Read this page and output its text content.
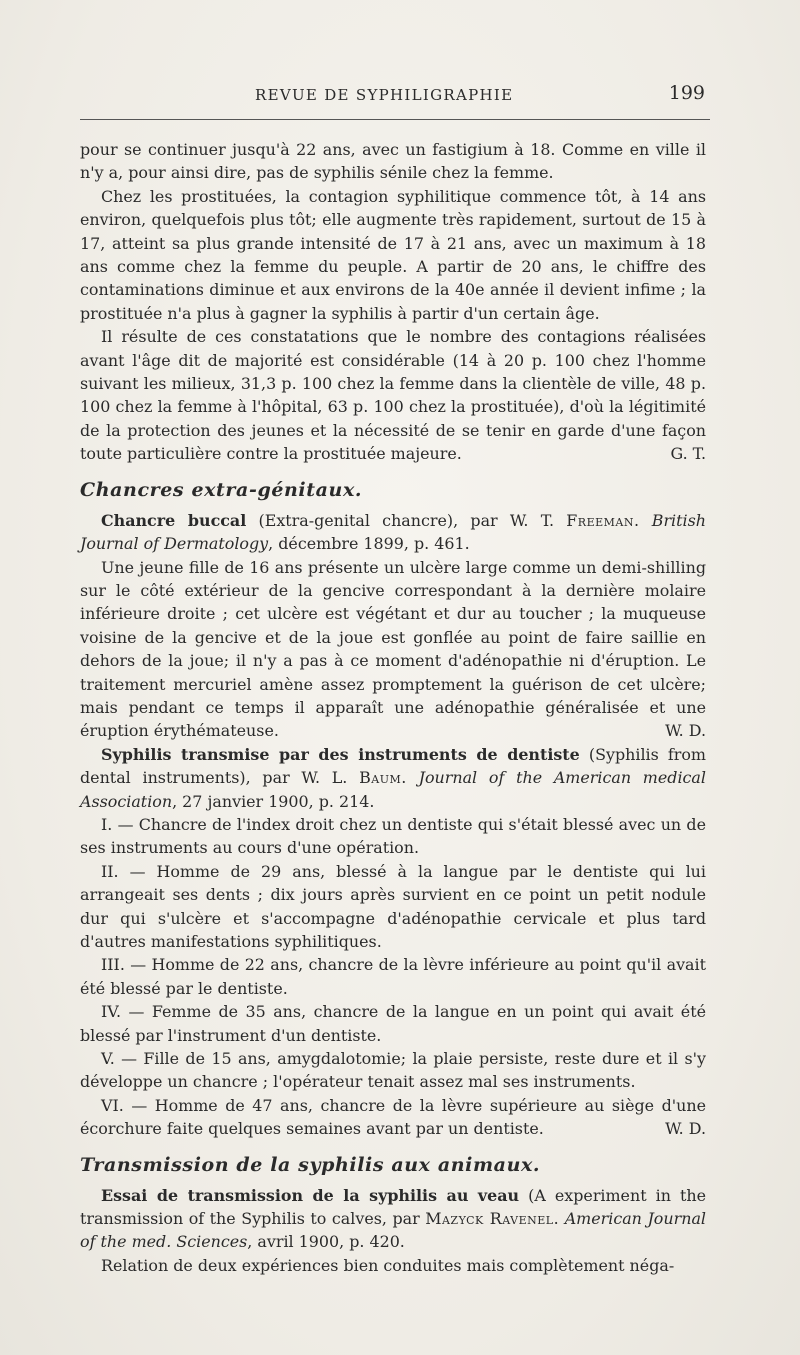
REVUE DE SYPHILIGRAPHIE	199

pour se continuer jusqu'à 22 ans, avec un fastigium à 18. Comme en ville il n'y a, pour ainsi dire, pas de syphilis sénile chez la femme.

Chez les prostituées, la contagion syphilitique commence tôt, à 14 ans environ, quelquefois plus tôt; elle augmente très rapidement, surtout de 15 à 17, atteint sa plus grande intensité de 17 à 21 ans, avec un maximum à 18 ans comme chez la femme du peuple. A partir de 20 ans, le chiffre des contaminations diminue et aux environs de la 40e année il devient infime ; la prostituée n'a plus à gagner la syphilis à partir d'un certain âge.

Il résulte de ces constatations que le nombre des contagions réalisées avant l'âge dit de majorité est considérable (14 à 20 p. 100 chez l'homme suivant les milieux, 31,3 p. 100 chez la femme dans la clientèle de ville, 48 p. 100 chez la femme à l'hôpital, 63 p. 100 chez la prostituée), d'où la légitimité de la protection des jeunes et la nécessité de se tenir en garde d'une façon toute particulière contre la prostituée majeure.	G. T.

Chancres extra-génitaux.

Chancre buccal (Extra-genital chancre), par W. T. Freeman. British Journal of Dermatology, décembre 1899, p. 461.

Une jeune fille de 16 ans présente un ulcère large comme un demi-shilling sur le côté extérieur de la gencive correspondant à la dernière molaire inférieure droite ; cet ulcère est végétant et dur au toucher ; la muqueuse voisine de la gencive et de la joue est gonflée au point de faire saillie en dehors de la joue; il n'y a pas à ce moment d'adénopathie ni d'éruption. Le traitement mercuriel amène assez promptement la guérison de cet ulcère; mais pendant ce temps il apparaît une adénopathie généralisée et une éruption érythémateuse.	W. D.

Syphilis transmise par des instruments de dentiste (Syphilis from dental instruments), par W. L. Baum. Journal of the American medical Association, 27 janvier 1900, p. 214.

I. — Chancre de l'index droit chez un dentiste qui s'était blessé avec un de ses instruments au cours d'une opération.

II. — Homme de 29 ans, blessé à la langue par le dentiste qui lui arrangeait ses dents ; dix jours après survient en ce point un petit nodule dur qui s'ulcère et s'accompagne d'adénopathie cervicale et plus tard d'autres manifestations syphilitiques.

III. — Homme de 22 ans, chancre de la lèvre inférieure au point qu'il avait été blessé par le dentiste.

IV. — Femme de 35 ans, chancre de la langue en un point qui avait été blessé par l'instrument d'un dentiste.

V. — Fille de 15 ans, amygdalotomie; la plaie persiste, reste dure et il s'y développe un chancre ; l'opérateur tenait assez mal ses instruments.

VI. — Homme de 47 ans, chancre de la lèvre supérieure au siège d'une écorchure faite quelques semaines avant par un dentiste.	W. D.

Transmission de la syphilis aux animaux.

Essai de transmission de la syphilis au veau (A experiment in the transmission of the Syphilis to calves, par Mazyck Ravenel. American Journal of the med. Sciences, avril 1900, p. 420.

Relation de deux expériences bien conduites mais complètement néga-
